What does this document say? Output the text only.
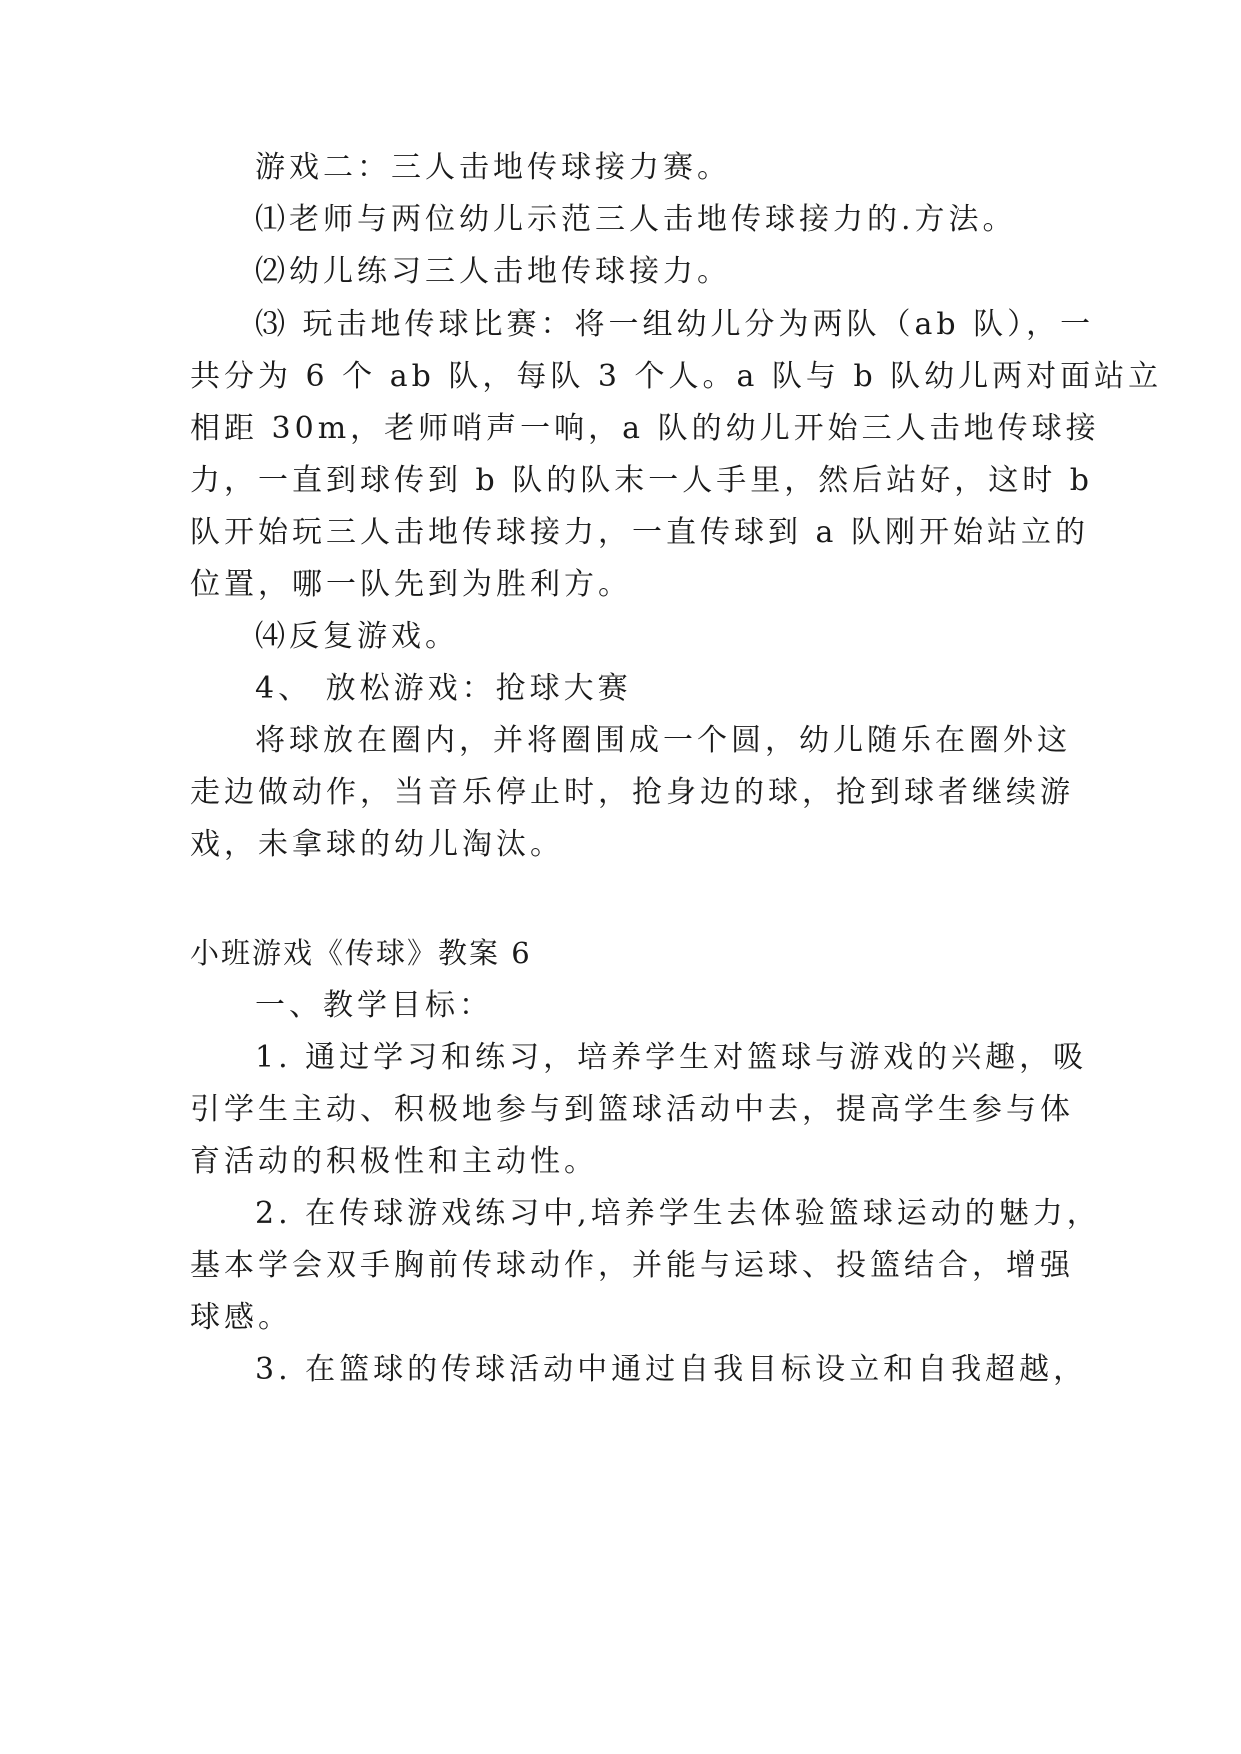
游戏二：三人击地传球接力赛。
⑴老师与两位幼儿示范三人击地传球接力的.方法。
⑵幼儿练习三人击地传球接力。
⑶ 玩击地传球比赛：将一组幼儿分为两队（ab 队），一
共分为 6 个 ab 队，每队 3 个人。a 队与 b 队幼儿两对面站立
相距 30m，老师哨声一响，a 队的幼儿开始三人击地传球接
力，一直到球传到 b 队的队末一人手里，然后站好，这时 b
队开始玩三人击地传球接力，一直传球到 a 队刚开始站立的
位置，哪一队先到为胜利方。
⑷反复游戏。
4、 放松游戏：抢球大赛
将球放在圈内，并将圈围成一个圆，幼儿随乐在圈外这
走边做动作，当音乐停止时，抢身边的球，抢到球者继续游
戏，未拿球的幼儿淘汰。
小班游戏《传球》教案 6
一、教学目标：
1. 通过学习和练习，培养学生对篮球与游戏的兴趣，吸
引学生主动、积极地参与到篮球活动中去，提高学生参与体
育活动的积极性和主动性。
2. 在传球游戏练习中,培养学生去体验篮球运动的魅力，
基本学会双手胸前传球动作，并能与运球、投篮结合，增强
球感。
3. 在篮球的传球活动中通过自我目标设立和自我超越，
